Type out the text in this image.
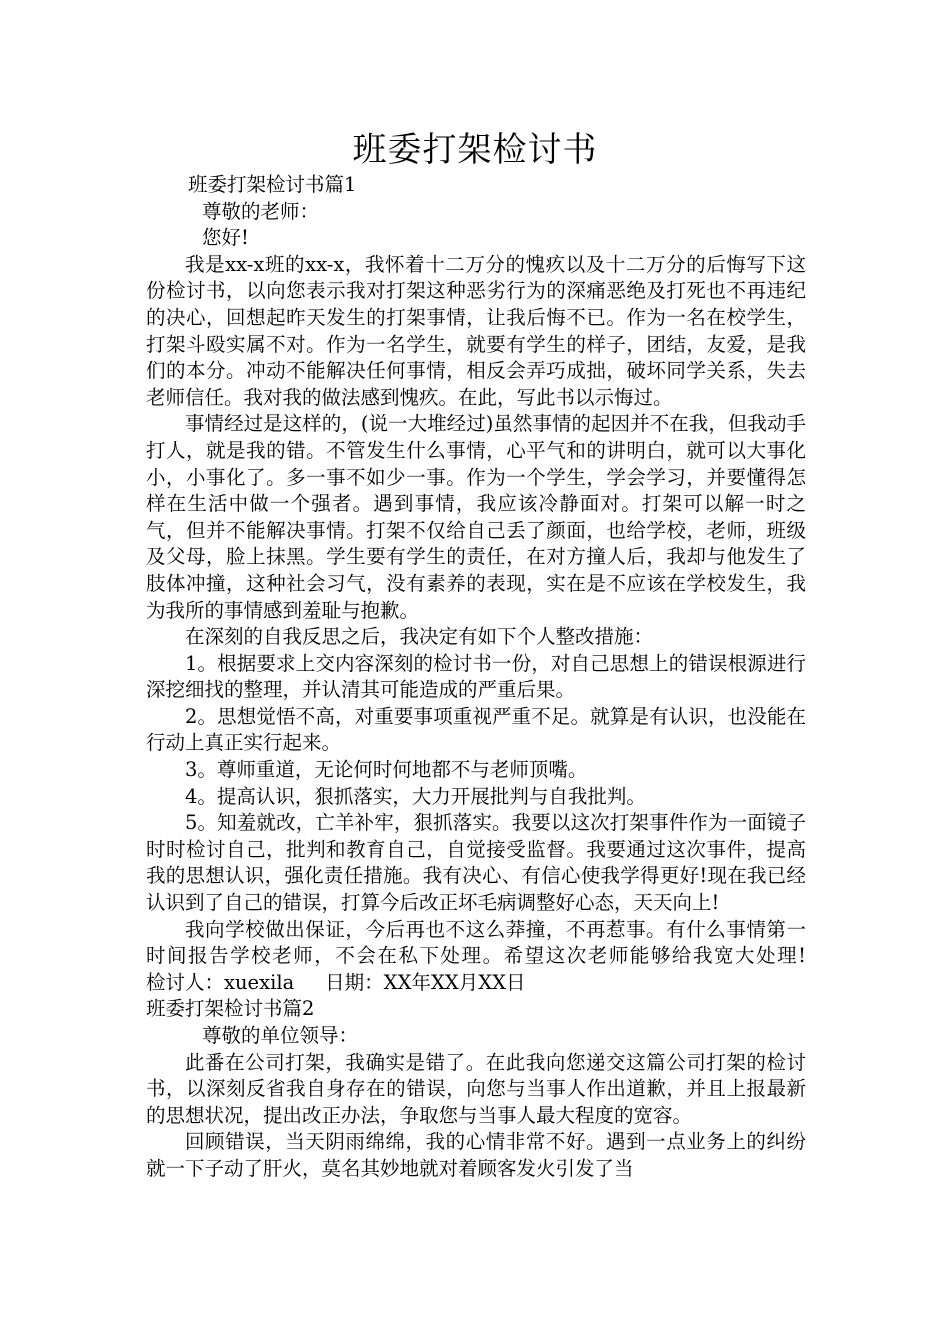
班委打架检讨书

班委打架检讨书篇1

尊敬的老师：

您好!

我是xx-x班的xx-x，我怀着十二万分的愧疚以及十二万分的后悔写下这份检讨书，以向您表示我对打架这种恶劣行为的深痛恶绝及打死也不再违纪的决心，回想起昨天发生的打架事情，让我后悔不已。作为一名在校学生，打架斗殴实属不对。作为一名学生，就要有学生的样子，团结，友爱，是我们的本分。冲动不能解决任何事情，相反会弄巧成拙，破坏同学关系，失去老师信任。我对我的做法感到愧疚。在此，写此书以示悔过。

事情经过是这样的，(说一大堆经过)虽然事情的起因并不在我，但我动手打人，就是我的错。不管发生什么事情，心平气和的讲明白，就可以大事化小，小事化了。多一事不如少一事。作为一个学生，学会学习，并要懂得怎样在生活中做一个强者。遇到事情，我应该冷静面对。打架可以解一时之气，但并不能解决事情。打架不仅给自己丢了颜面，也给学校，老师，班级及父母，脸上抹黑。学生要有学生的责任，在对方撞人后，我却与他发生了肢体冲撞，这种社会习气，没有素养的表现，实在是不应该在学校发生，我为我所的事情感到羞耻与抱歉。

在深刻的自我反思之后，我决定有如下个人整改措施：

1。根据要求上交内容深刻的检讨书一份，对自己思想上的错误根源进行深挖细找的整理，并认清其可能造成的严重后果。

2。思想觉悟不高，对重要事项重视严重不足。就算是有认识，也没能在行动上真正实行起来。

3。尊师重道，无论何时何地都不与老师顶嘴。

4。提高认识，狠抓落实，大力开展批判与自我批判。

5。知羞就改，亡羊补牢，狠抓落实。我要以这次打架事件作为一面镜子时时检讨自己，批判和教育自己，自觉接受监督。我要通过这次事件，提高我的思想认识，强化责任措施。我有决心、有信心使我学得更好!现在我已经认识到了自己的错误，打算今后改正坏毛病调整好心态，天天向上!

我向学校做出保证，今后再也不这么莽撞，不再惹事。有什么事情第一时间报告学校老师，不会在私下处理。希望这次老师能够给我宽大处理!     检讨人：xuexila     日期：XX年XX月XX日

班委打架检讨书篇2

尊敬的单位领导：

此番在公司打架，我确实是错了。在此我向您递交这篇公司打架的检讨书，以深刻反省我自身存在的错误，向您与当事人作出道歉，并且上报最新的思想状况，提出改正办法，争取您与当事人最大程度的宽容。

回顾错误，当天阴雨绵绵，我的心情非常不好。遇到一点业务上的纠纷就一下子动了肝火，莫名其妙地就对着顾客发火引发了当
